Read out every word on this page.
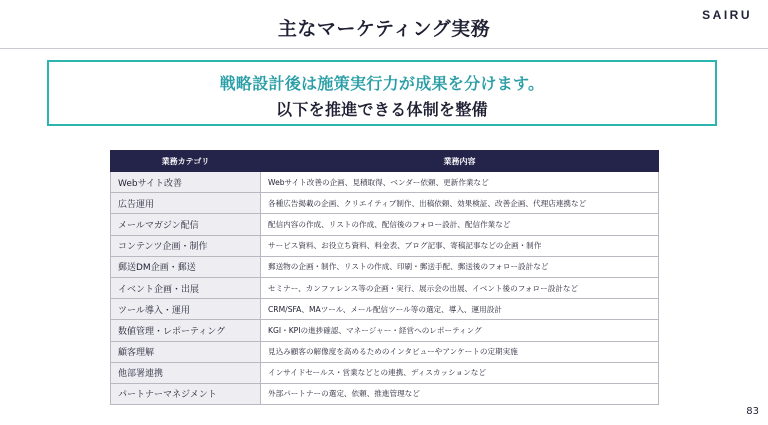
主なマーケティング実務
SAIRU
戦略設計後は施策実行力が成果を分けます。
以下を推進できる体制を整備
業務カテゴリ	業務内容
Webサイト改善	Webサイト改善の企画、見積取得、ベンダー依頼、更新作業など
広告運用	各種広告掲載の企画、クリエイティブ制作、出稿依頼、効果検証、改善企画、代理店連携など
メールマガジン配信	配信内容の作成、リストの作成、配信後のフォロー設計、配信作業など
コンテンツ企画・制作	サービス資料、お役立ち資料、料金表、ブログ記事、寄稿記事などの企画・制作
郵送DM企画・郵送	郵送物の企画・制作、リストの作成、印刷・郵送手配、郵送後のフォロー設計など
イベント企画・出展	セミナー、カンファレンス等の企画・実行、展示会の出展、イベント後のフォロー設計など
ツール導入・運用	CRM/SFA、MAツール、メール配信ツール等の選定、導入、運用設計
数値管理・レポーティング	KGI・KPIの進捗確認、マネージャー・経営へのレポーティング
顧客理解	見込み顧客の解像度を高めるためのインタビューやアンケートの定期実施
他部署連携	インサイドセールス・営業などとの連携、ディスカッションなど
パートナーマネジメント	外部パートナーの選定、依頼、推進管理など
83
